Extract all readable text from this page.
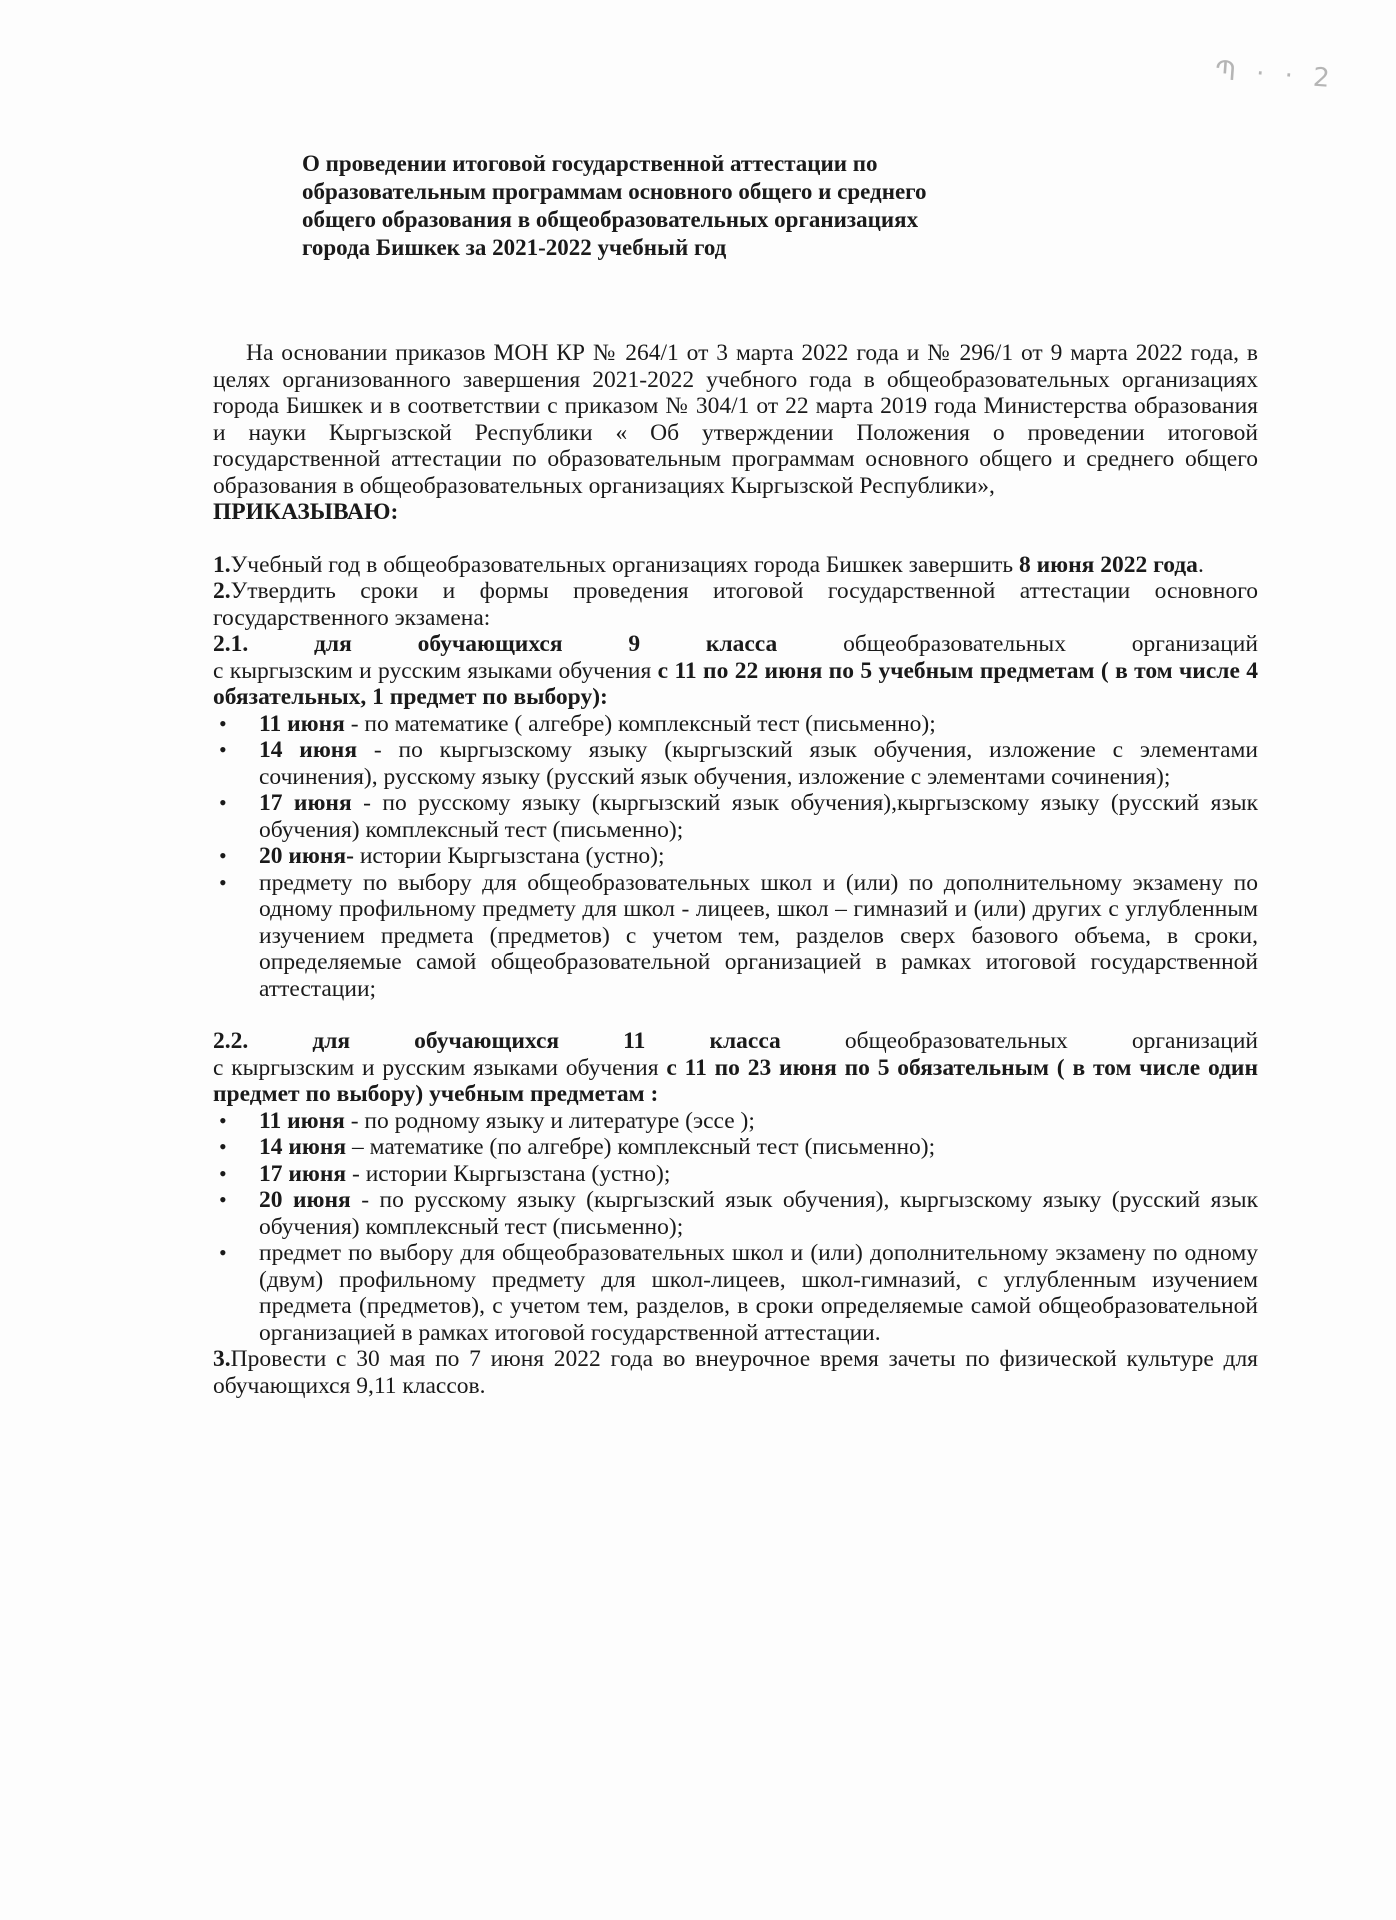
Պ · · 2
О проведении итоговой государственной аттестации по
образовательным программам основного общего и среднего
общего образования в общеобразовательных организациях
города Бишкек за 2021-2022 учебный год

На основании приказов МОН КР № 264/1 от 3 марта 2022 года и № 296/1 от 9 марта 2022 года, в целях организованного завершения 2021-2022 учебного года в общеобразовательных организациях города Бишкек и в соответствии с приказом № 304/1 от 22 марта 2019 года Министерства образования и науки Кыргызской Республики « Об утверждении Положения о проведении итоговой государственной аттестации по образовательным программам основного общего и среднего общего образования в общеобразовательных организациях Кыргызской Республики»,

ПРИКАЗЫВАЮ:

1.Учебный год в общеобразовательных организациях города Бишкек завершить 8 июня 2022 года.

2.Утвердить сроки и формы проведения итоговой государственной аттестации основного государственного экзамена:

2.1.	для	обучающихся	9	класса	общеобразовательных	организаций

с кыргызским и русским языками обучения с 11 по 22 июня по 5 учебным предметам ( в том числе 4 обязательных, 1 предмет по выбору):

• 11 июня - по математике ( алгебре) комплексный тест (письменно);
• 14 июня - по кыргызскому языку (кыргызский язык обучения, изложение с элементами сочинения), русскому языку (русский язык обучения, изложение с элементами сочинения);
• 17 июня - по русскому языку (кыргызский язык обучения),кыргызскому языку (русский язык обучения) комплексный тест (письменно);
• 20 июня- истории Кыргызстана (устно);
• предмету по выбору для общеобразовательных школ и (или) по дополнительному экзамену по одному профильному предмету для школ - лицеев, школ – гимназий и (или) других с углубленным изучением предмета (предметов) с учетом тем, разделов сверх базового объема, в сроки, определяемые самой общеобразовательной организацией в рамках итоговой государственной аттестации;
2.2.	для	обучающихся	11	класса	общеобразовательных	организаций

с кыргызским и русским языками обучения с 11 по 23 июня по 5 обязательным ( в том числе один предмет по выбору) учебным предметам :

• 11 июня - по родному языку и литературе (эссе );
• 14 июня – математике (по алгебре) комплексный тест (письменно);
• 17 июня - истории Кыргызстана (устно);
• 20 июня - по русскому языку (кыргызский язык обучения), кыргызскому языку (русский язык обучения) комплексный тест (письменно);
• предмет по выбору для общеобразовательных школ и (или) дополнительному экзамену по одному (двум) профильному предмету для школ-лицеев, школ-гимназий, с углубленным изучением предмета (предметов), с учетом тем, разделов, в сроки определяемые самой общеобразовательной организацией в рамках итоговой государственной аттестации.

3.Провести с 30 мая по 7 июня 2022 года во внеурочное время зачеты по физической культуре для обучающихся 9,11 классов.
